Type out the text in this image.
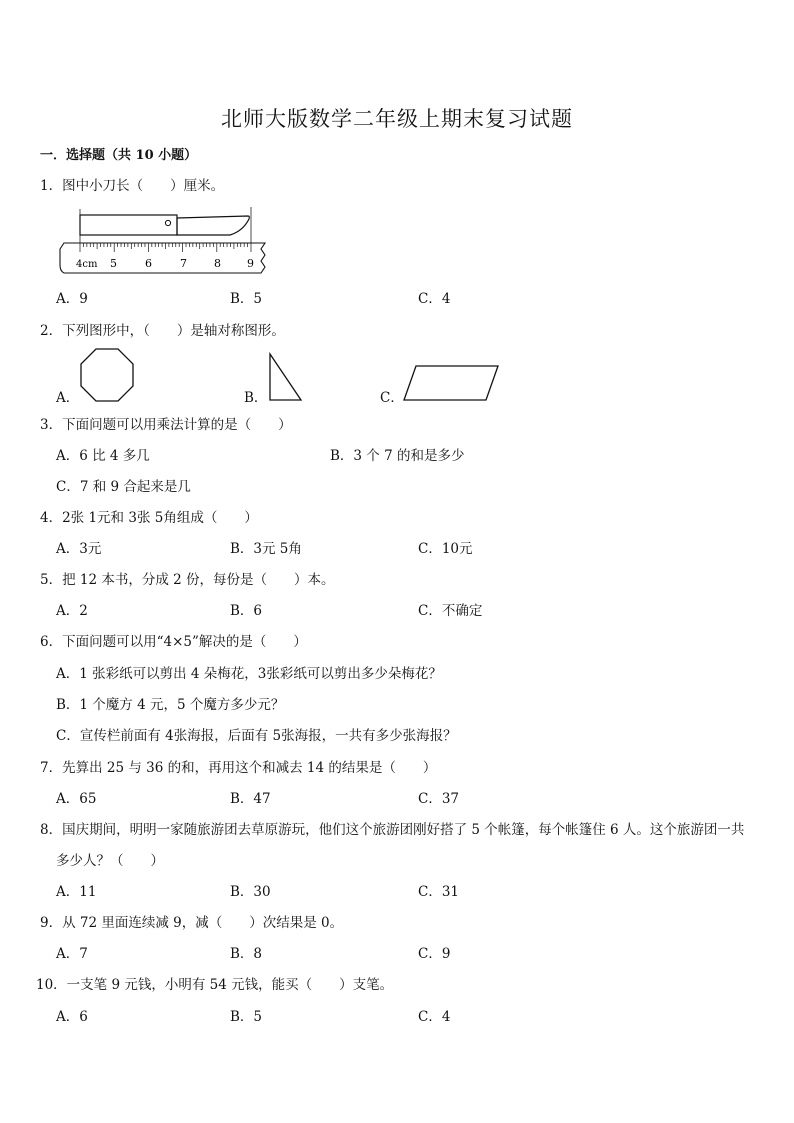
北师大版数学二年级上期末复习试题
一．选择题（共 10 小题）
1．图中小刀长（　　）厘米。
4cm 5	6	7 8 9
A．9	B．5	C．4
2．下列图形中，（　　）是轴对称图形。
A．	B．	C．
3．下面问题可以用乘法计算的是（　　）
A．6 比 4 多几	B．3 个 7 的和是多少
C．7 和 9 合起来是几
4．2张 1元和 3张 5角组成（　　）
A．3元	B．3元 5角	C．10元
5．把 12 本书，分成 2 份，每份是（　　）本。
A．2	B．6	C．不确定
6．下面问题可以用“4×5”解决的是（　　）
A．1 张彩纸可以剪出 4 朵梅花，3张彩纸可以剪出多少朵梅花？
B．1 个魔方 4 元，5 个魔方多少元？
C．宣传栏前面有 4张海报，后面有 5张海报，一共有多少张海报？
7．先算出 25 与 36 的和，再用这个和减去 14 的结果是（　　）
A．65	B．47	C．37
8．国庆期间，明明一家随旅游团去草原游玩，他们这个旅游团刚好搭了 5 个帐篷，每个帐篷住 6 人。这个旅游团一共
多少人？（　　）
A．11	B．30	C．31
9．从 72 里面连续减 9，减（　　）次结果是 0。
A．7	B．8	C．9
10．一支笔 9 元钱，小明有 54 元钱，能买（　　）支笔。
A．6	B．5	C．4
